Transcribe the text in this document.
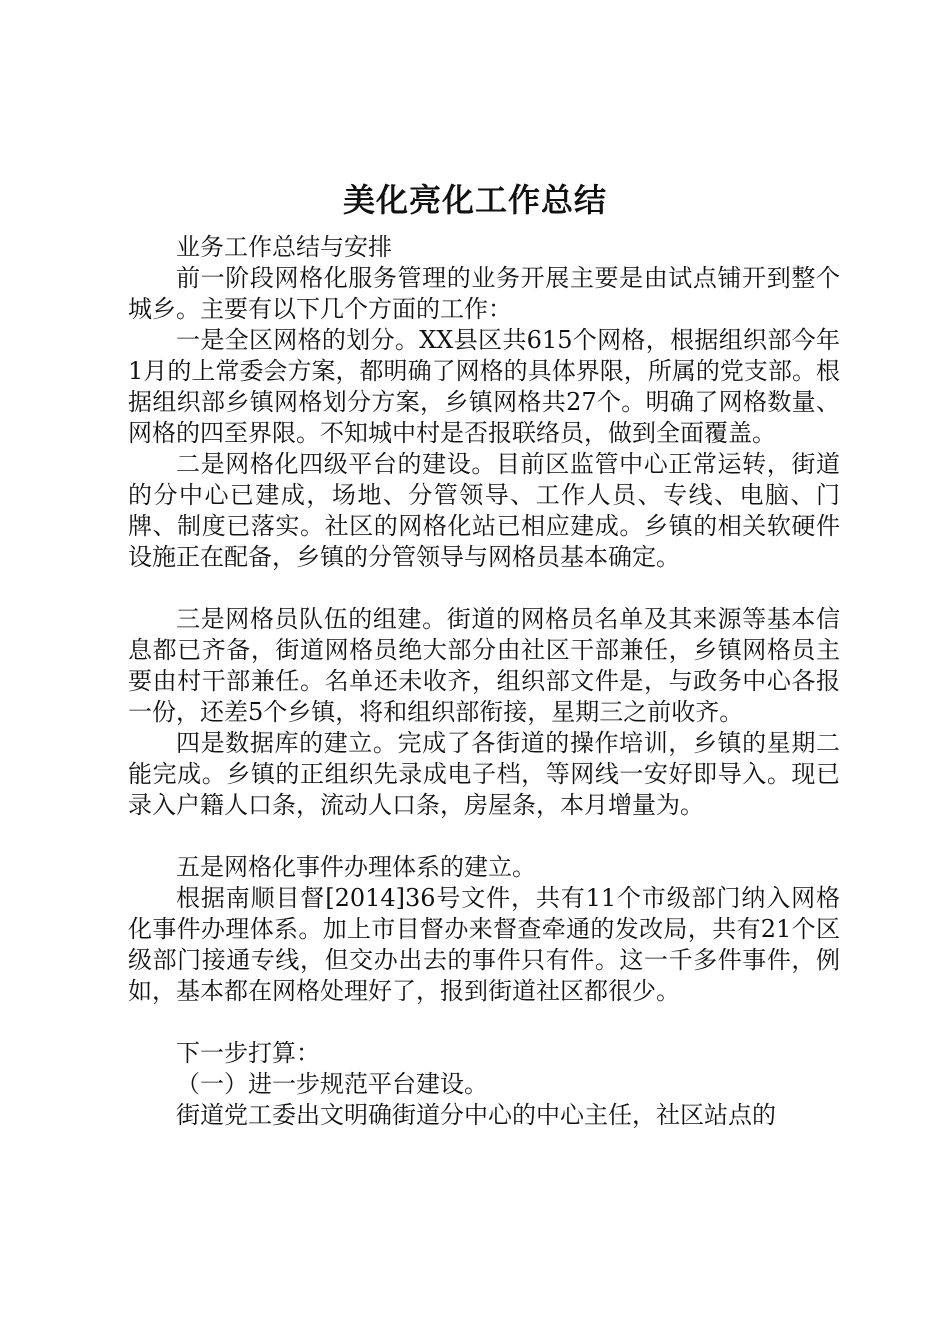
美化亮化工作总结

业务工作总结与安排

前一阶段网格化服务管理的业务开展主要是由试点铺开到整个城乡。主要有以下几个方面的工作：

一是全区网格的划分。XX县区共615个网格，根据组织部今年1月的上常委会方案，都明确了网格的具体界限，所属的党支部。根据组织部乡镇网格划分方案，乡镇网格共27个。明确了网格数量、网格的四至界限。不知城中村是否报联络员，做到全面覆盖。

二是网格化四级平台的建设。目前区监管中心正常运转，街道的分中心已建成，场地、分管领导、工作人员、专线、电脑、门牌、制度已落实。社区的网格化站已相应建成。乡镇的相关软硬件设施正在配备，乡镇的分管领导与网格员基本确定。

三是网格员队伍的组建。街道的网格员名单及其来源等基本信息都已齐备，街道网格员绝大部分由社区干部兼任，乡镇网格员主要由村干部兼任。名单还未收齐，组织部文件是，与政务中心各报一份，还差5个乡镇，将和组织部衔接，星期三之前收齐。

四是数据库的建立。完成了各街道的操作培训，乡镇的星期二能完成。乡镇的正组织先录成电子档，等网线一安好即导入。现已录入户籍人口条，流动人口条，房屋条，本月增量为。

五是网格化事件办理体系的建立。

根据南顺目督[2014]36号文件，共有11个市级部门纳入网格化事件办理体系。加上市目督办来督查牵通的发改局，共有21个区级部门接通专线，但交办出去的事件只有件。这一千多件事件，例如，基本都在网格处理好了，报到街道社区都很少。

下一步打算：

（一）进一步规范平台建设。

街道党工委出文明确街道分中心的中心主任，社区站点的
